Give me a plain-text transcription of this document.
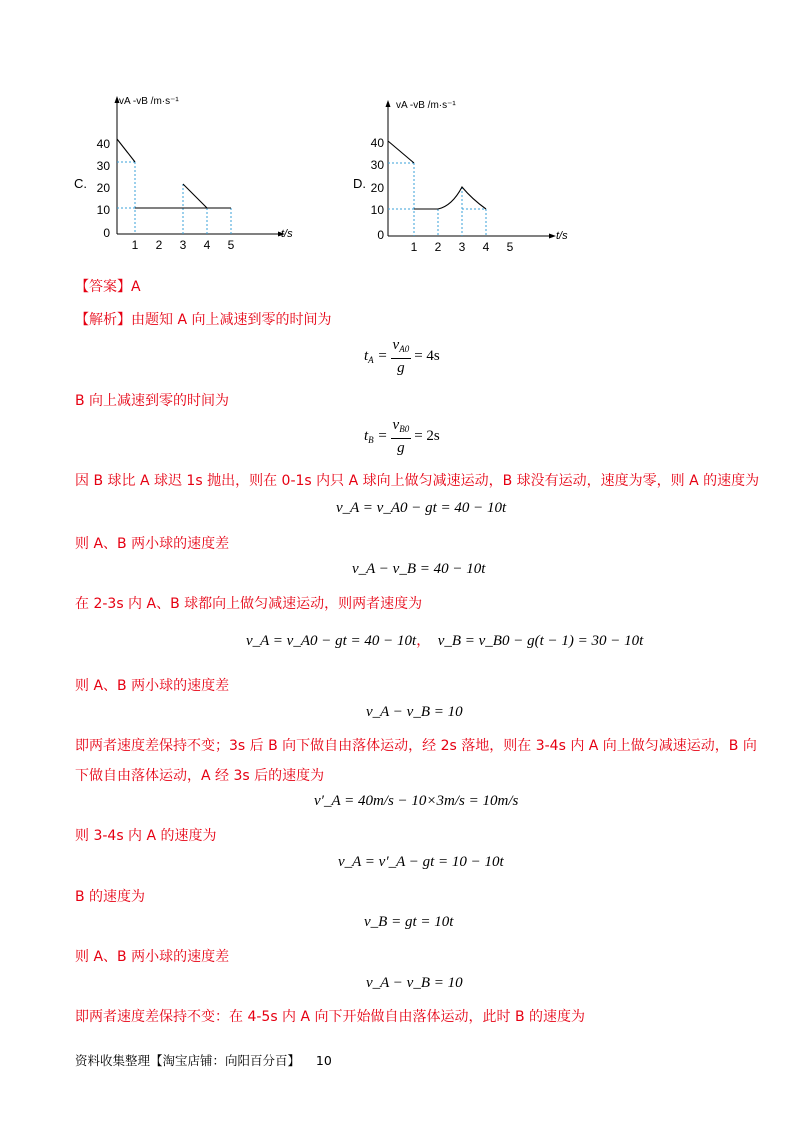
C.
vA -vB /m·s⁻¹
t/s
40
30
20
10
0
1 2 3 4 5
D.
vA -vB /m·s⁻¹
t/s
40
30
20
10
0
1 2 3 4 5
【答案】A
【解析】由题知 A 向上减速到零的时间为
$t_A = \frac{v_{A0}}{g} = 4s$
B 向上减速到零的时间为
$t_B = \frac{v_{B0}}{g} = 2s$
因 B 球比 A 球迟 1s 抛出，则在 0-1s 内只 A 球向上做匀减速运动，B 球没有运动，速度为零，则 A 的速度为
v_A = v_A0 − gt = 40 − 10t
则 A、B 两小球的速度差
v_A − v_B = 40 − 10t
在 2-3s 内 A、B 球都向上做匀减速运动，则两者速度为
v_A = v_A0 − gt = 40 − 10t， v_B = v_B0 − g(t − 1) = 30 − 10t
则 A、B 两小球的速度差
v_A − v_B = 10
即两者速度差保持不变；3s 后 B 向下做自由落体运动，经 2s 落地，则在 3-4s 内 A 向上做匀减速运动，B 向
下做自由落体运动，A 经 3s 后的速度为
v′_A = 40m/s − 10×3m/s = 10m/s
则 3-4s 内 A 的速度为
v_A = v′_A − gt = 10 − 10t
B 的速度为
v_B = gt = 10t
则 A、B 两小球的速度差
v_A − v_B = 10
即两者速度差保持不变：在 4-5s 内 A 向下开始做自由落体运动，此时 B 的速度为
资料收集整理【淘宝店铺：向阳百分百】 10
